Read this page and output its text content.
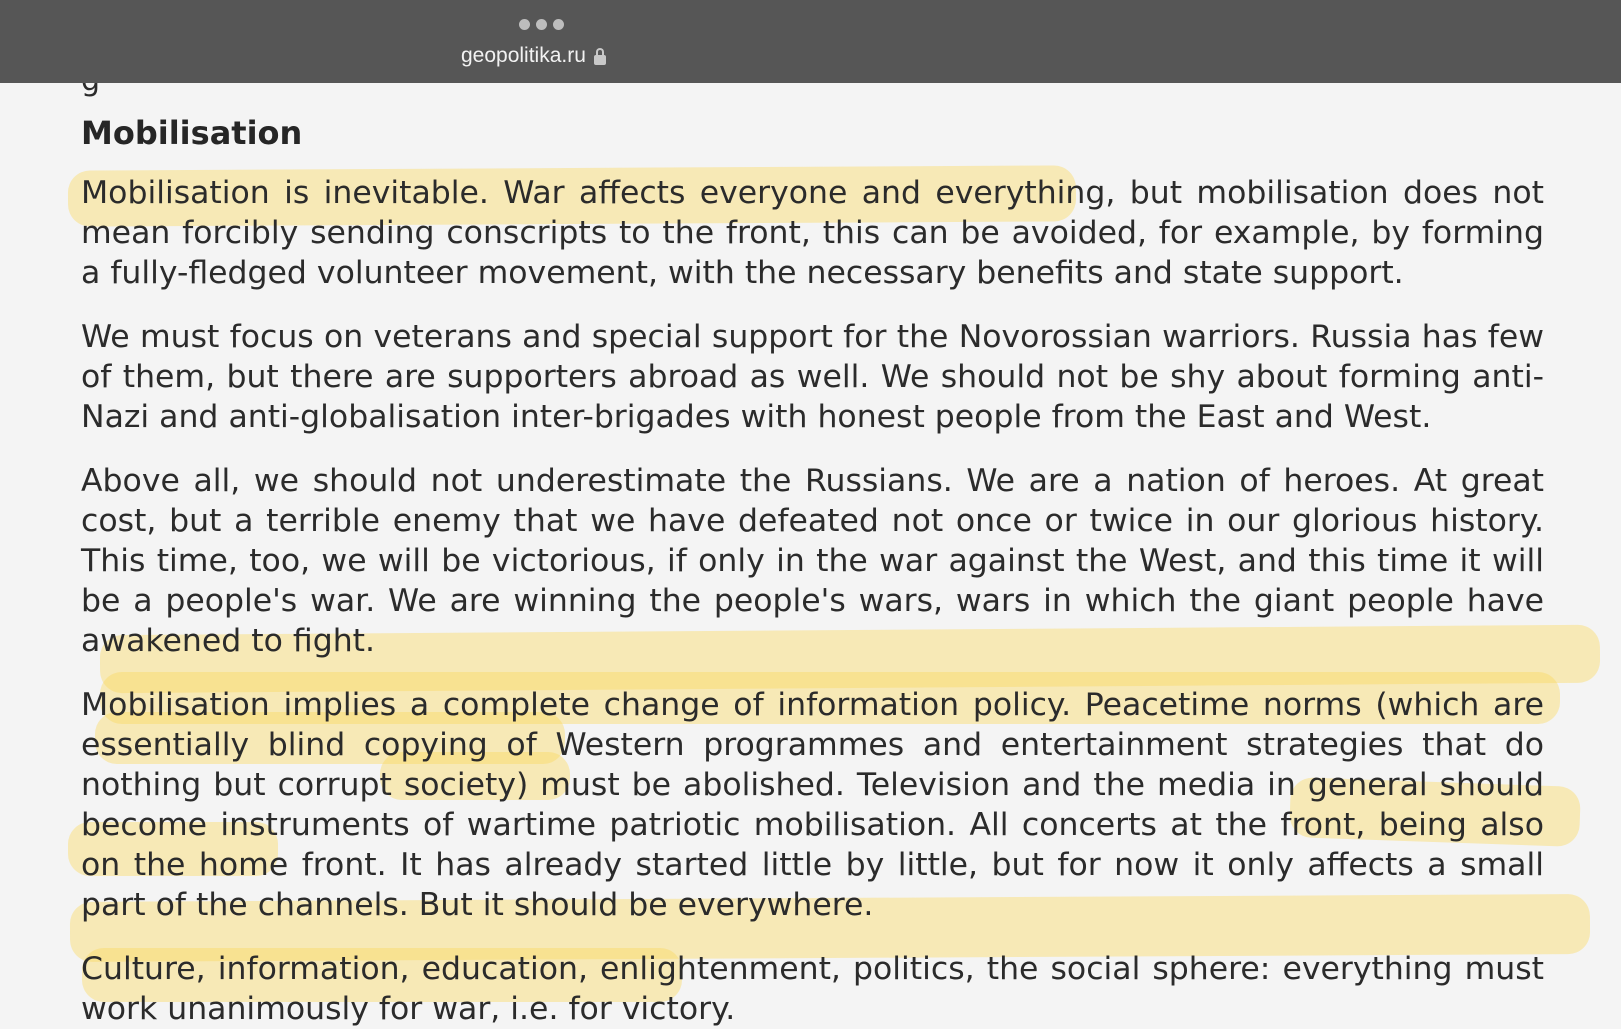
geopolitika.ru
Mobilisation

Mobilisation is inevitable. War affects everyone and everything, but mobilisation does not mean forcibly sending conscripts to the front, this can be avoided, for example, by forming a fully-fledged volunteer movement, with the necessary benefits and state support.

We must focus on veterans and special support for the Novorossian warriors. Russia has few of them, but there are supporters abroad as well. We should not be shy about forming anti-Nazi and anti-globalisation inter-brigades with honest people from the East and West.

Above all, we should not underestimate the Russians. We are a nation of heroes. At great cost, but a terrible enemy that we have defeated not once or twice in our glorious history. This time, too, we will be victorious, if only in the war against the West, and this time it will be a people's war. We are winning the people's wars, wars in which the giant people have awakened to fight.

Mobilisation implies a complete change of information policy. Peacetime norms (which are essentially blind copying of Western programmes and entertainment strategies that do nothing but corrupt society) must be abolished. Television and the media in general should become instruments of wartime patriotic mobilisation. All concerts at the front, being also on the home front. It has already started little by little, but for now it only affects a small part of the channels. But it should be everywhere.

Culture, information, education, enlightenment, politics, the social sphere: everything must work unanimously for war, i.e. for victory.
